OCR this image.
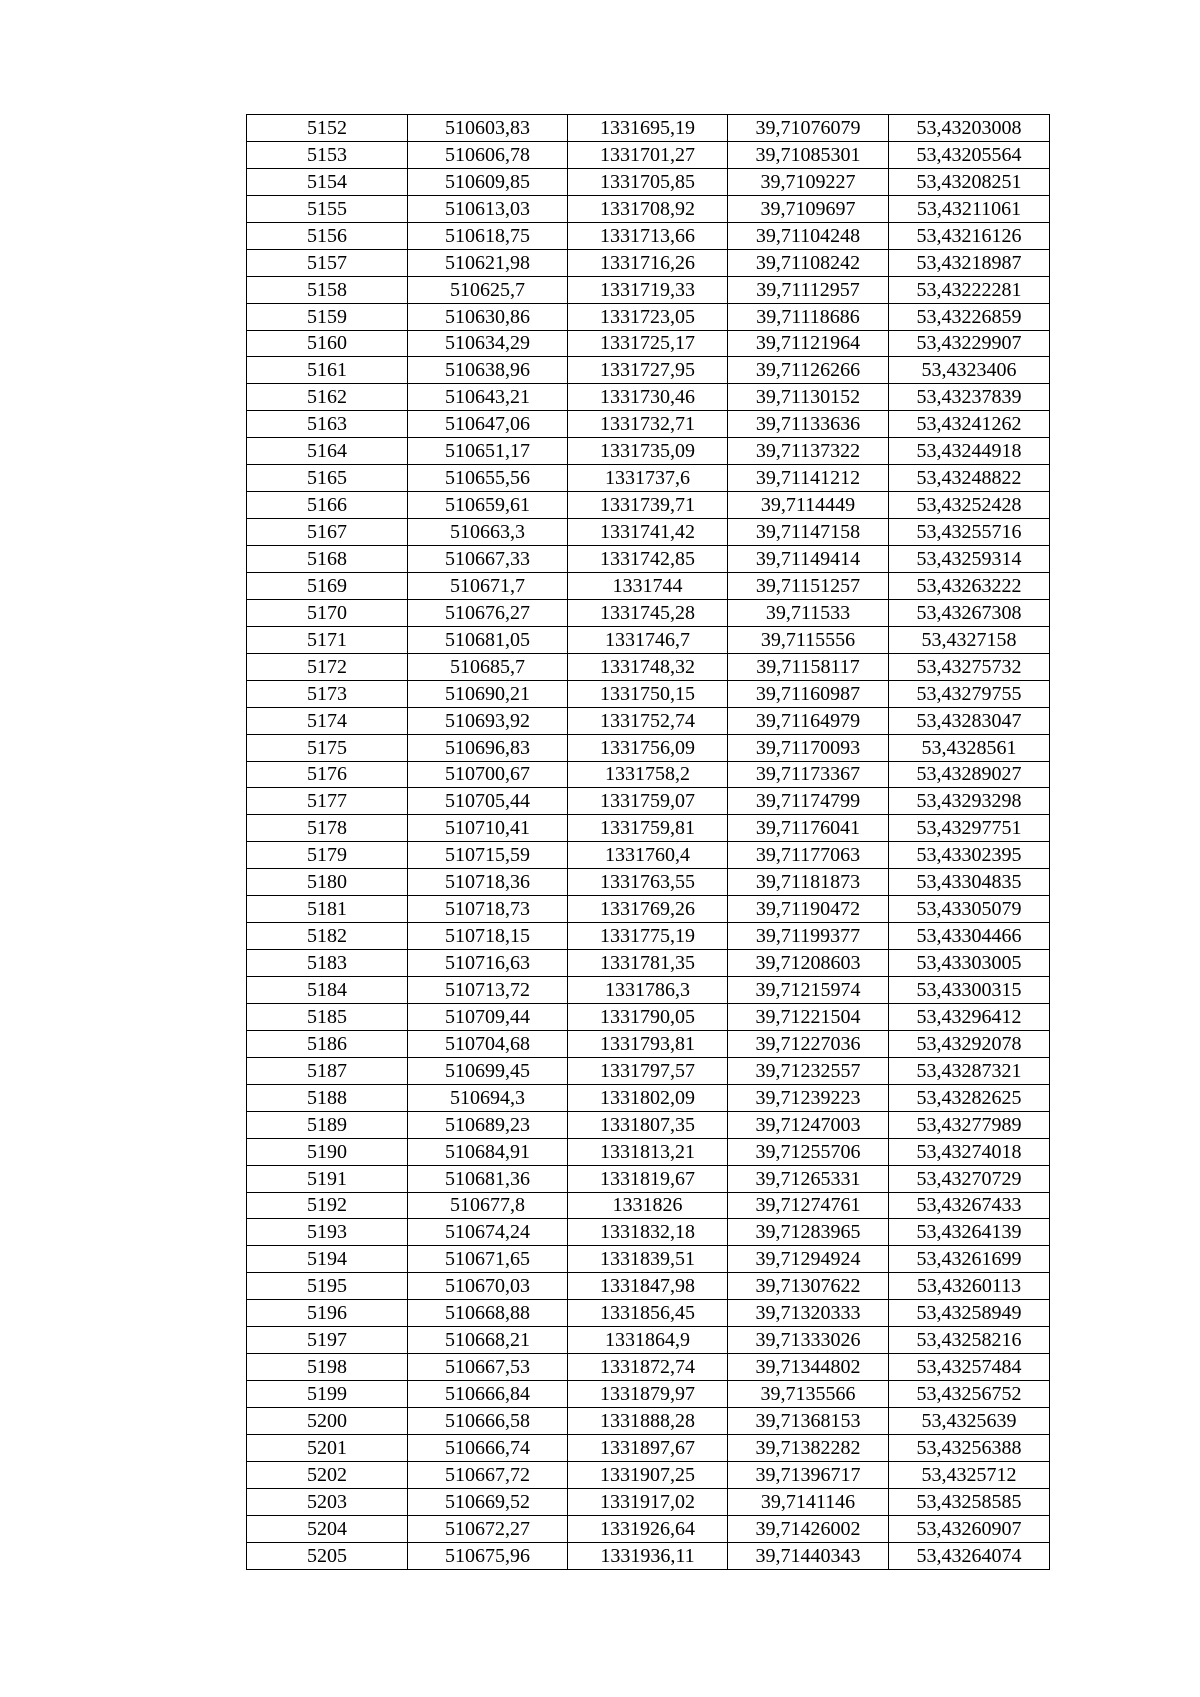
5152	510603,83	1331695,19	39,71076079	53,43203008
5153	510606,78	1331701,27	39,71085301	53,43205564
5154	510609,85	1331705,85	39,7109227	53,43208251
5155	510613,03	1331708,92	39,7109697	53,43211061
5156	510618,75	1331713,66	39,71104248	53,43216126
5157	510621,98	1331716,26	39,71108242	53,43218987
5158	510625,7	1331719,33	39,71112957	53,43222281
5159	510630,86	1331723,05	39,71118686	53,43226859
5160	510634,29	1331725,17	39,71121964	53,43229907
5161	510638,96	1331727,95	39,71126266	53,4323406
5162	510643,21	1331730,46	39,71130152	53,43237839
5163	510647,06	1331732,71	39,71133636	53,43241262
5164	510651,17	1331735,09	39,71137322	53,43244918
5165	510655,56	1331737,6	39,71141212	53,43248822
5166	510659,61	1331739,71	39,7114449	53,43252428
5167	510663,3	1331741,42	39,71147158	53,43255716
5168	510667,33	1331742,85	39,71149414	53,43259314
5169	510671,7	1331744	39,71151257	53,43263222
5170	510676,27	1331745,28	39,711533	53,43267308
5171	510681,05	1331746,7	39,7115556	53,4327158
5172	510685,7	1331748,32	39,71158117	53,43275732
5173	510690,21	1331750,15	39,71160987	53,43279755
5174	510693,92	1331752,74	39,71164979	53,43283047
5175	510696,83	1331756,09	39,71170093	53,4328561
5176	510700,67	1331758,2	39,71173367	53,43289027
5177	510705,44	1331759,07	39,71174799	53,43293298
5178	510710,41	1331759,81	39,71176041	53,43297751
5179	510715,59	1331760,4	39,71177063	53,43302395
5180	510718,36	1331763,55	39,71181873	53,43304835
5181	510718,73	1331769,26	39,71190472	53,43305079
5182	510718,15	1331775,19	39,71199377	53,43304466
5183	510716,63	1331781,35	39,71208603	53,43303005
5184	510713,72	1331786,3	39,71215974	53,43300315
5185	510709,44	1331790,05	39,71221504	53,43296412
5186	510704,68	1331793,81	39,71227036	53,43292078
5187	510699,45	1331797,57	39,71232557	53,43287321
5188	510694,3	1331802,09	39,71239223	53,43282625
5189	510689,23	1331807,35	39,71247003	53,43277989
5190	510684,91	1331813,21	39,71255706	53,43274018
5191	510681,36	1331819,67	39,71265331	53,43270729
5192	510677,8	1331826	39,71274761	53,43267433
5193	510674,24	1331832,18	39,71283965	53,43264139
5194	510671,65	1331839,51	39,71294924	53,43261699
5195	510670,03	1331847,98	39,71307622	53,43260113
5196	510668,88	1331856,45	39,71320333	53,43258949
5197	510668,21	1331864,9	39,71333026	53,43258216
5198	510667,53	1331872,74	39,71344802	53,43257484
5199	510666,84	1331879,97	39,7135566	53,43256752
5200	510666,58	1331888,28	39,71368153	53,4325639
5201	510666,74	1331897,67	39,71382282	53,43256388
5202	510667,72	1331907,25	39,71396717	53,4325712
5203	510669,52	1331917,02	39,7141146	53,43258585
5204	510672,27	1331926,64	39,71426002	53,43260907
5205	510675,96	1331936,11	39,71440343	53,43264074
